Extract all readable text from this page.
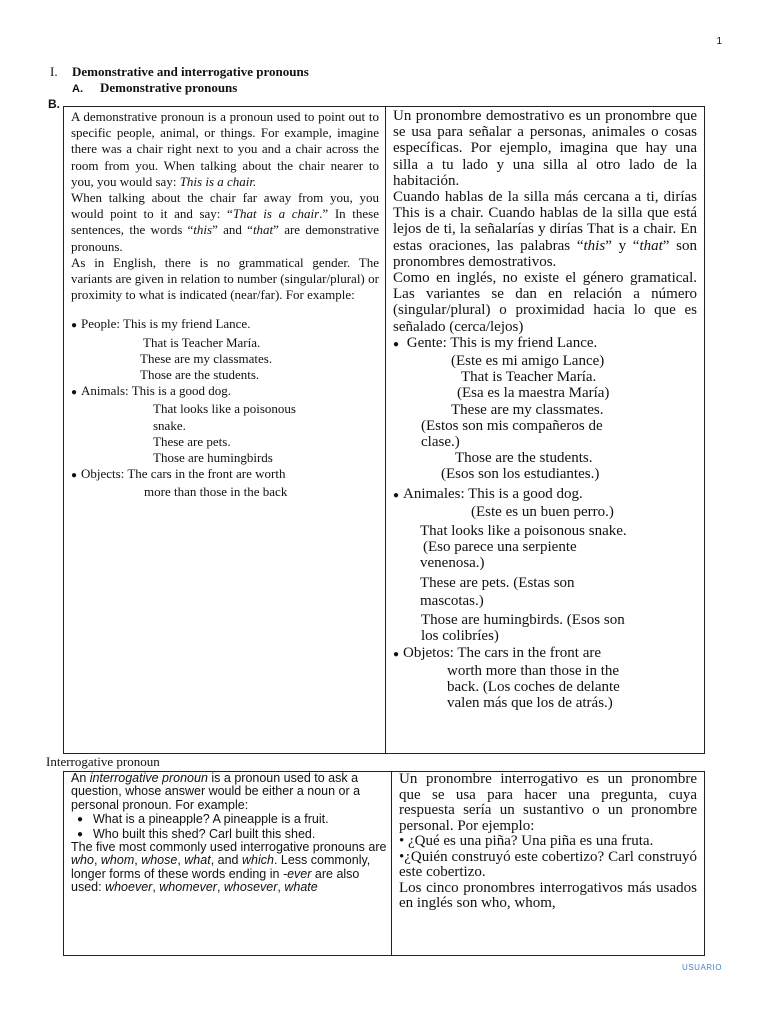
1
I. Demonstrative and interrogative pronouns
A. Demonstrative pronouns
B.

A demonstrative pronoun is a pronoun used to point out to specific people, animal, or things. For example, imagine there was a chair right next to you and a chair across the room from you. When talking about the chair nearer to you, you would say: This is a chair.

When talking about the chair far away from you, you would point to it and say: “That is a chair.” In these sentences, the words “this” and “that” are demonstrative pronouns.

As in English, there is no grammatical gender. The variants are given in relation to number (singular/plural) or proximity to what is indicated (near/far). For example:

● People: This is my friend Lance.
That is Teacher María.
These are my classmates.
Those are the students.
● Animals: This is a good dog.
That looks like a poisonous
snake.
These are pets.
Those are humingbirds
● Objects: The cars in the front are worth
more than those in the back

Un pronombre demostrativo es un pronombre que se usa para señalar a personas, animales o cosas específicas. Por ejemplo, imagina que hay una silla a tu lado y una silla al otro lado de la habitación.

Cuando hablas de la silla más cercana a ti, dirías This is a chair. Cuando hablas de la silla que está lejos de ti, la señalarías y dirías That is a chair. En estas oraciones, las palabras “this” y “that” son pronombres demostrativos.

Como en inglés, no existe el género gramatical. Las variantes se dan en relación a número (singular/plural) o proximidad hacia lo que es señalado (cerca/lejos)

● Gente: This is my friend Lance.
(Este es mi amigo Lance)
That is Teacher María.
(Esa es la maestra María)
These are my classmates.
(Estos son mis compañeros de
clase.)
Those are the students.
(Esos son los estudiantes.)
● Animales: This is a good dog.
(Este es un buen perro.)
That looks like a poisonous snake.
(Eso parece una serpiente
venenosa.)
These are pets. (Estas son
mascotas.)
Those are humingbirds. (Esos son
los colibríes)
● Objetos: The cars in the front are
worth more than those in the
back. (Los coches de delante
valen más que los de atrás.)
Interrogative pronoun

An interrogative pronoun is a pronoun used to ask a question, whose answer would be either a noun or a personal pronoun. For example:

● What is a pineapple? A pineapple is a fruit.
● Who built this shed? Carl built this shed.

The five most commonly used interrogative pronouns are who, whom, whose, what, and which. Less commonly, longer forms of these words ending in -ever are also used: whoever, whomever, whosever, whate

Un pronombre interrogativo es un pronombre que se usa para hacer una pregunta, cuya respuesta sería un sustantivo o un pronombre personal. Por ejemplo:

• ¿Qué es una piña? Una piña es una fruta.

•¿Quién construyó este cobertizo? Carl construyó este cobertizo.

Los cinco pronombres interrogativos más usados en inglés son who, whom,

USUARIO
